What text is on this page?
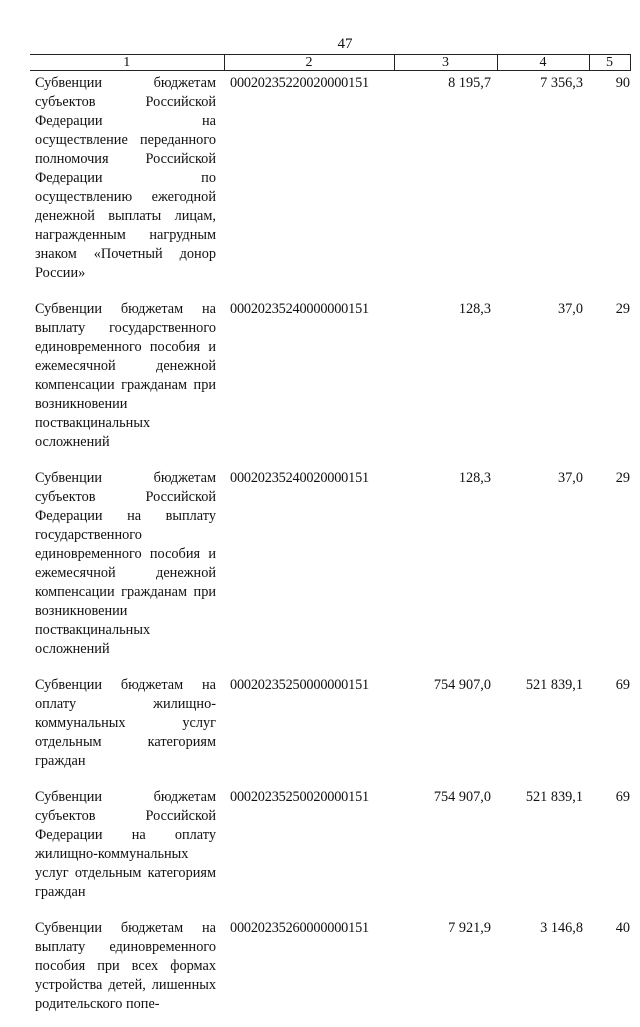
47
1	2	3	4	5
Субвенции бюджетам субъектов Российской Федерации на осуществление переданного полномочия Российской Федерации по осуществлению ежегодной денежной выплаты лицам, награжденным нагрудным знаком «Почетный донор России»	00020235220020000151	8 195,7	7 356,3	90
Субвенции бюджетам на выплату государственного единовременного пособия и ежемесячной денежной компенсации гражданам при возникновении поствакцинальных осложнений	00020235240000000151	128,3	37,0	29
Субвенции бюджетам субъектов Российской Федерации на выплату государственного единовременного пособия и ежемесячной денежной компенсации гражданам при возникновении поствакцинальных осложнений	00020235240020000151	128,3	37,0	29
Субвенции бюджетам на оплату жилищно-коммунальных услуг отдельным категориям граждан	00020235250000000151	754 907,0	521 839,1	69
Субвенции бюджетам субъектов Российской Федерации на оплату жилищно-коммунальных услуг отдельным категориям граждан	00020235250020000151	754 907,0	521 839,1	69
Субвенции бюджетам на выплату единовременного пособия при всех формах устройства детей, лишенных родительского попе-	00020235260000000151	7 921,9	3 146,8	40
